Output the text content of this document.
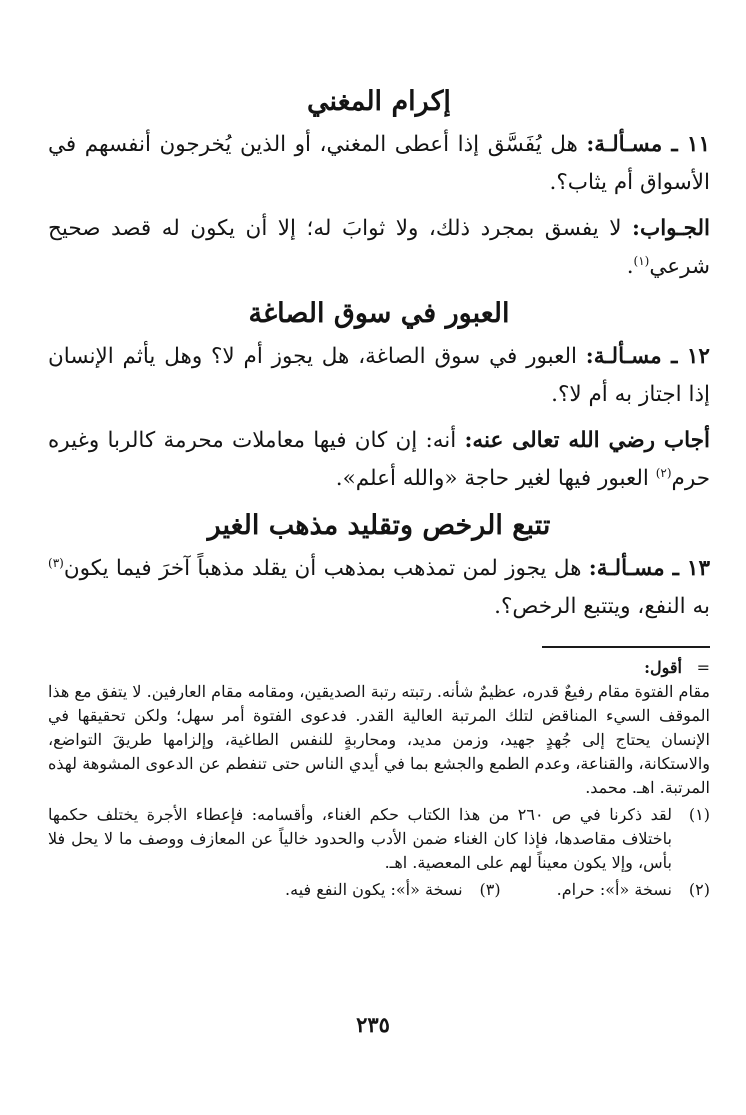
إكرام المغني

١١ ـ مسـألـة: هل يُفَسَّق إذا أعطى المغني، أو الذين يُخرجون أنفسهم في الأسواق أم يثاب؟.

الجـواب: لا يفسق بمجرد ذلك، ولا ثوابَ له؛ إلا أن يكون له قصد صحيح شرعي$^{(١)}$.

العبور في سوق الصاغة

١٢ ـ مسـألـة: العبور في سوق الصاغة، هل يجوز أم لا؟ وهل يأثم الإنسان إذا اجتاز به أم لا؟.

أجاب رضي الله تعالى عنه: أنه: إن كان فيها معاملات محرمة كالربا وغيره حرم$^{(٢)}$ العبور فيها لغير حاجة «والله أعلم».

تتبع الرخص وتقليد مذهب الغير

١٣ ـ مسـألـة: هل يجوز لمن تمذهب بمذهب أن يقلد مذهباً آخرَ فيما يكون$^{(٣)}$ به النفع، ويتتبع الرخص؟.

=
أقول:
مقام الفتوة مقام رفيعٌ قدره، عظيمٌ شأنه. رتبته رتبة الصديقين، ومقامه مقام العارفين. لا يتفق مع هذا الموقف السيء المناقض لتلك المرتبة العالية القدر. فدعوى الفتوة أمر سهل؛ ولكن تحقيقها في الإنسان يحتاج إلى جُهدٍ جهيد، وزمن مديد، ومحاربةٍ للنفس الطاغية، وإلزامها طريقَ التواضع، والاستكانة، والقناعة، وعدم الطمع والجشع بما في أيدي الناس حتى تنفطم عن الدعوى المشوهة لهذه المرتبة. اهـ. محمد.
(١)
لقد ذكرنا في ص ٢٦٠ من هذا الكتاب حكم الغناء، وأقسامه: فإعطاء الأجرة يختلف حكمها باختلاف مقاصدها، فإذا كان الغناء ضمن الأدب والحدود خالياً عن المعازف ووصف ما لا يحل فلا بأس، وإلا يكون معيناً لهم على المعصية. اهـ.
(٢)
نسخة «أ»: حرام.
(٣)
نسخة «أ»: يكون النفع فيه.
٢٣٥
